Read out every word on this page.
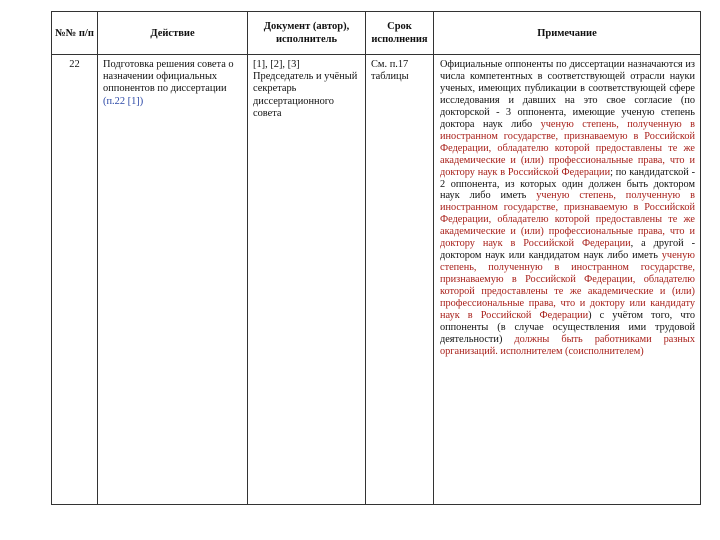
№№ п/п	Действие	Документ (автор), исполнитель	Срок исполнения	Примечание
22	Подготовка решения совета о назначении официальных оппонентов по диссертации (п.22 [1])	[1], [2], [3] Председатель и учёный секретарь диссертационного совета	См. п.17 таблицы	Официальные оппоненты по диссертации назначаются из числа компетентных в соответствующей отрасли науки ученых, имеющих публикации в соответствующей сфере исследования и давших на это свое согласие (по докторской - 3 оппонента, имеющие ученую степень доктора наук либо ученую степень, полученную в иностранном государстве, признаваемую в Российской Федерации, обладателю которой предоставлены те же академические и (или) профессиональные права, что и доктору наук в Российской Федерации; по кандидатской - 2 оппонента, из которых один должен быть доктором наук либо иметь ученую степень, полученную в иностранном государстве, признаваемую в Российской Федерации, обладателю которой предоставлены те же академические и (или) профессиональные права, что и доктору наук в Российской Федерации, а другой - доктором наук или кандидатом наук либо иметь ученую степень, полученную в иностранном государстве, признаваемую в Российской Федерации, обладателю которой предоставлены те же академические и (или) профессиональные права, что и доктору или кандидату наук в Российской Федерации) с учётом того, что оппоненты (в случае осуществления ими трудовой деятельности) должны быть работниками разных организаций. исполнителем (соисполнителем)
